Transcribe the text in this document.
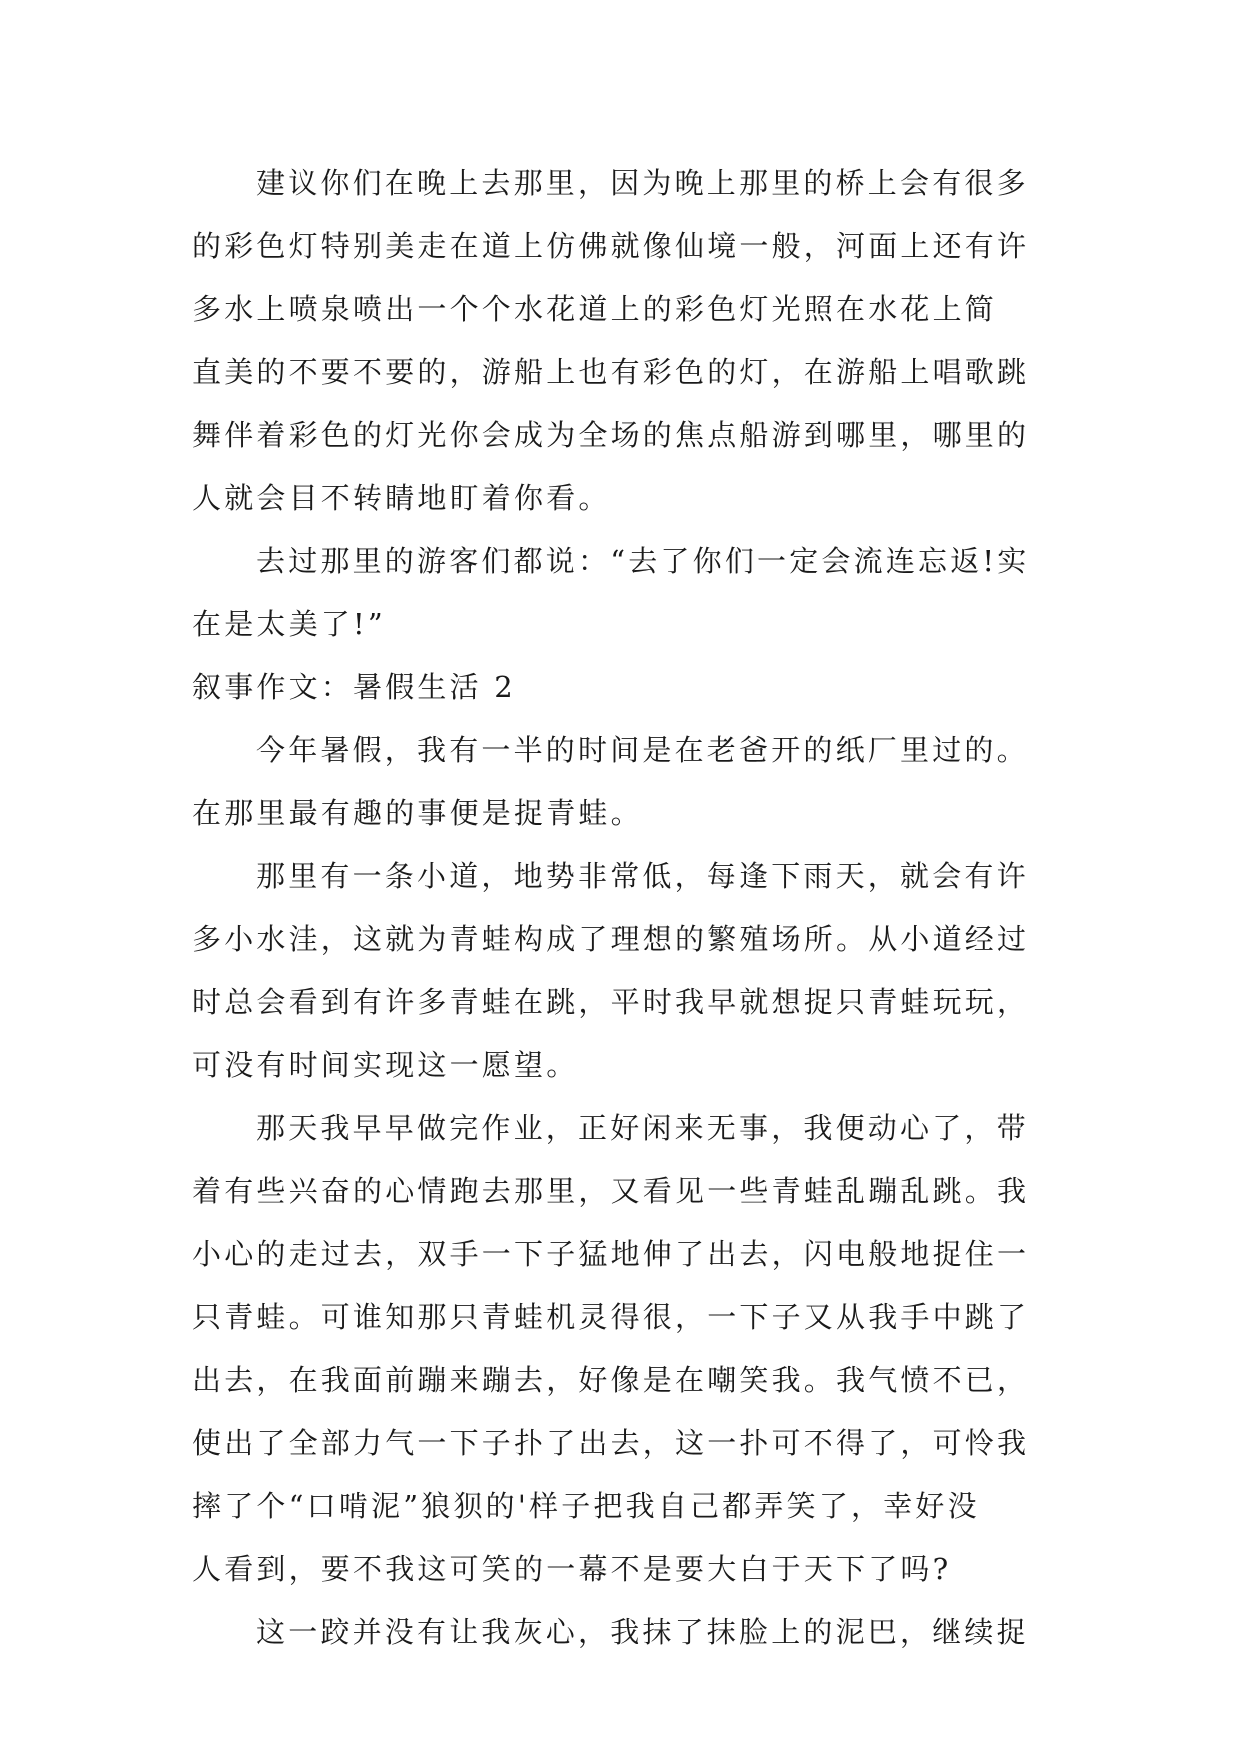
建议你们在晚上去那里，因为晚上那里的桥上会有很多
的彩色灯特别美走在道上仿佛就像仙境一般，河面上还有许
多水上喷泉喷出一个个水花道上的彩色灯光照在水花上简
直美的不要不要的，游船上也有彩色的灯，在游船上唱歌跳
舞伴着彩色的灯光你会成为全场的焦点船游到哪里，哪里的
人就会目不转睛地盯着你看。
去过那里的游客们都说：“去了你们一定会流连忘返!实
在是太美了!”
叙事作文：暑假生活 2
今年暑假，我有一半的时间是在老爸开的纸厂里过的。
在那里最有趣的事便是捉青蛙。
那里有一条小道，地势非常低，每逢下雨天，就会有许
多小水洼，这就为青蛙构成了理想的繁殖场所。从小道经过
时总会看到有许多青蛙在跳，平时我早就想捉只青蛙玩玩，
可没有时间实现这一愿望。
那天我早早做完作业，正好闲来无事，我便动心了，带
着有些兴奋的心情跑去那里，又看见一些青蛙乱蹦乱跳。我
小心的走过去，双手一下子猛地伸了出去，闪电般地捉住一
只青蛙。可谁知那只青蛙机灵得很，一下子又从我手中跳了
出去，在我面前蹦来蹦去，好像是在嘲笑我。我气愤不已，
使出了全部力气一下子扑了出去，这一扑可不得了，可怜我
摔了个“口啃泥”狼狈的'样子把我自己都弄笑了，幸好没
人看到，要不我这可笑的一幕不是要大白于天下了吗?
这一跤并没有让我灰心，我抹了抹脸上的泥巴，继续捉
